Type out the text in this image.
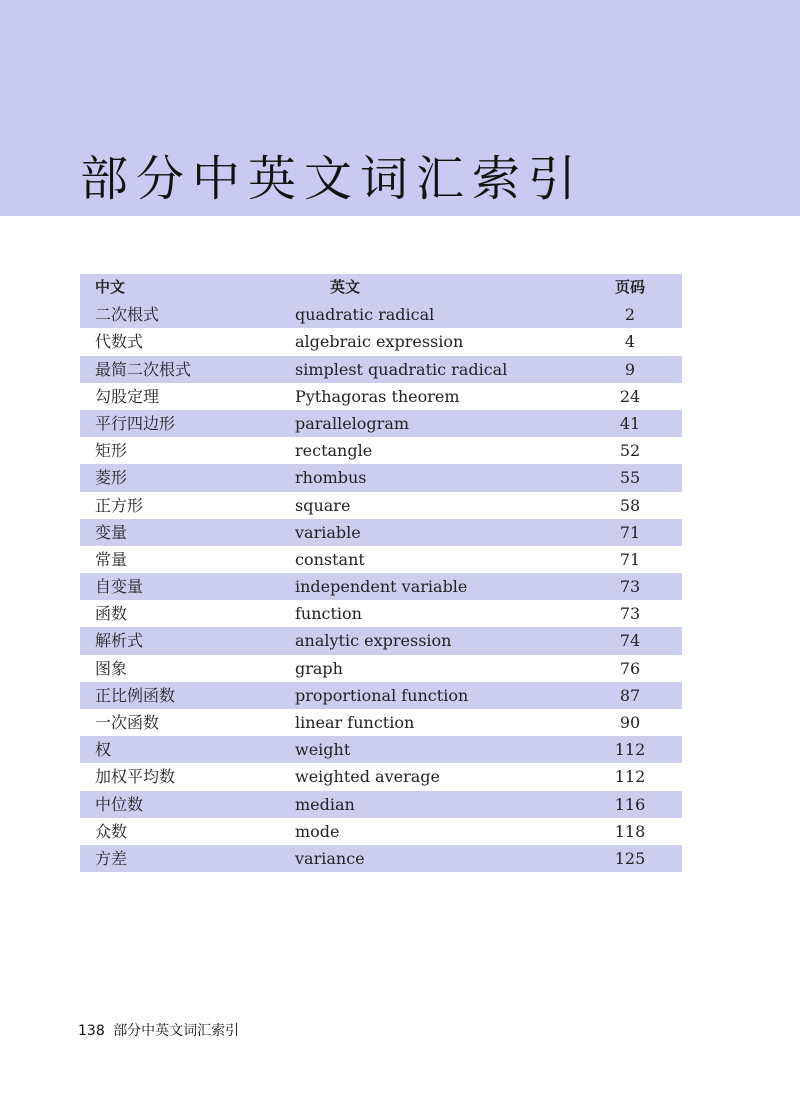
部分中英文词汇索引
中文	英文	页码
二次根式	quadratic radical	2
代数式	algebraic expression	4
最简二次根式	simplest quadratic radical	9
勾股定理	Pythagoras theorem	24
平行四边形	parallelogram	41
矩形	rectangle	52
菱形	rhombus	55
正方形	square	58
变量	variable	71
常量	constant	71
自变量	independent variable	73
函数	function	73
解析式	analytic expression	74
图象	graph	76
正比例函数	proportional function	87
一次函数	linear function	90
权	weight	112
加权平均数	weighted average	112
中位数	median	116
众数	mode	118
方差	variance	125
138 部分中英文词汇索引
